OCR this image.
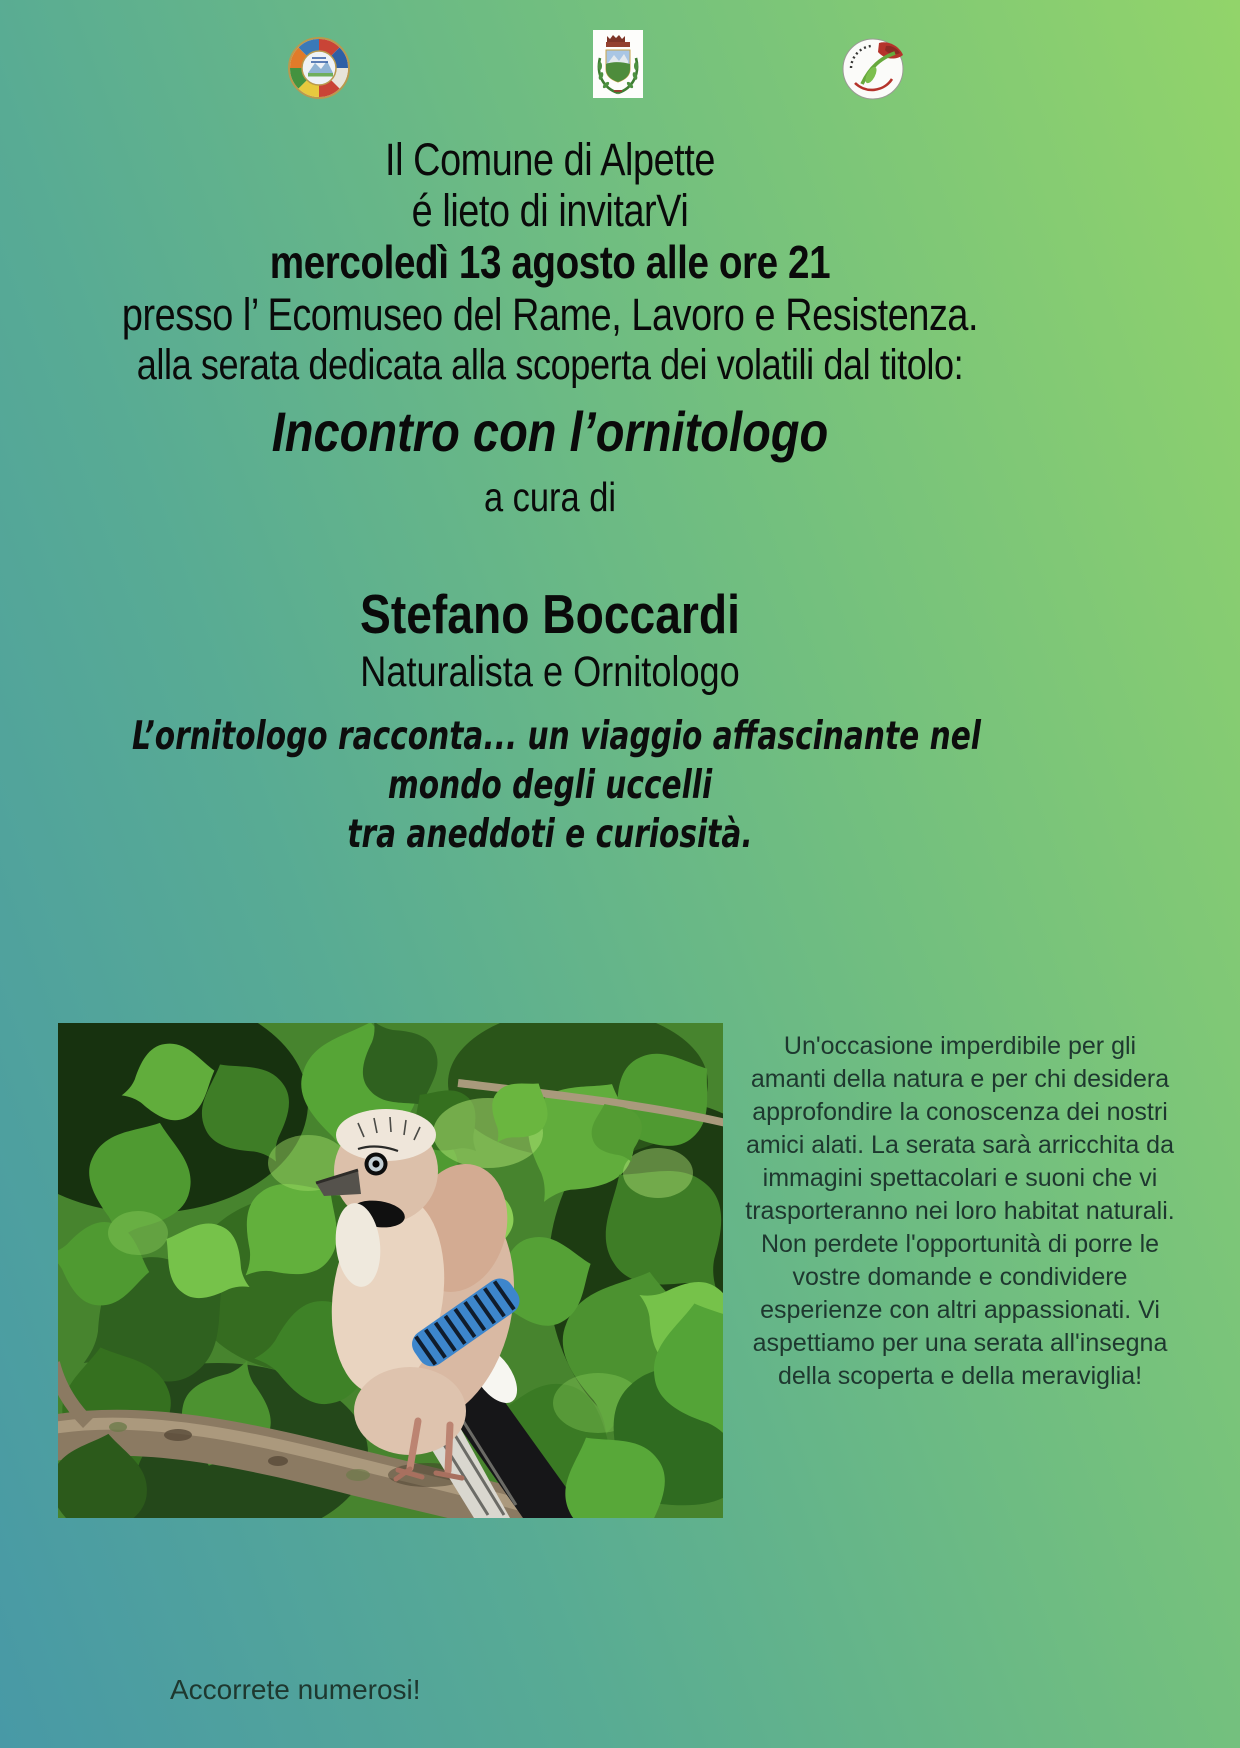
Il Comune di Alpette
é lieto di invitarVi
mercoledì 13 agosto alle ore 21
presso l’ Ecomuseo del Rame, Lavoro e Resistenza.
alla serata dedicata alla scoperta dei volatili dal titolo:
Incontro con l’ornitologo
a cura di
Stefano Boccardi
Naturalista e Ornitologo
L’ornitologo racconta... un viaggio affascinante nel
mondo degli uccelli
tra aneddoti e curiosità.
Un'occasione imperdibile per gli amanti della natura e per chi desidera approfondire la conoscenza dei nostri amici alati. La serata sarà arricchita da immagini spettacolari e suoni che vi trasporteranno nei loro habitat naturali. Non perdete l'opportunità di porre le vostre domande e condividere esperienze con altri appassionati. Vi aspettiamo per una serata all'insegna della scoperta e della meraviglia!
Accorrete numerosi!
